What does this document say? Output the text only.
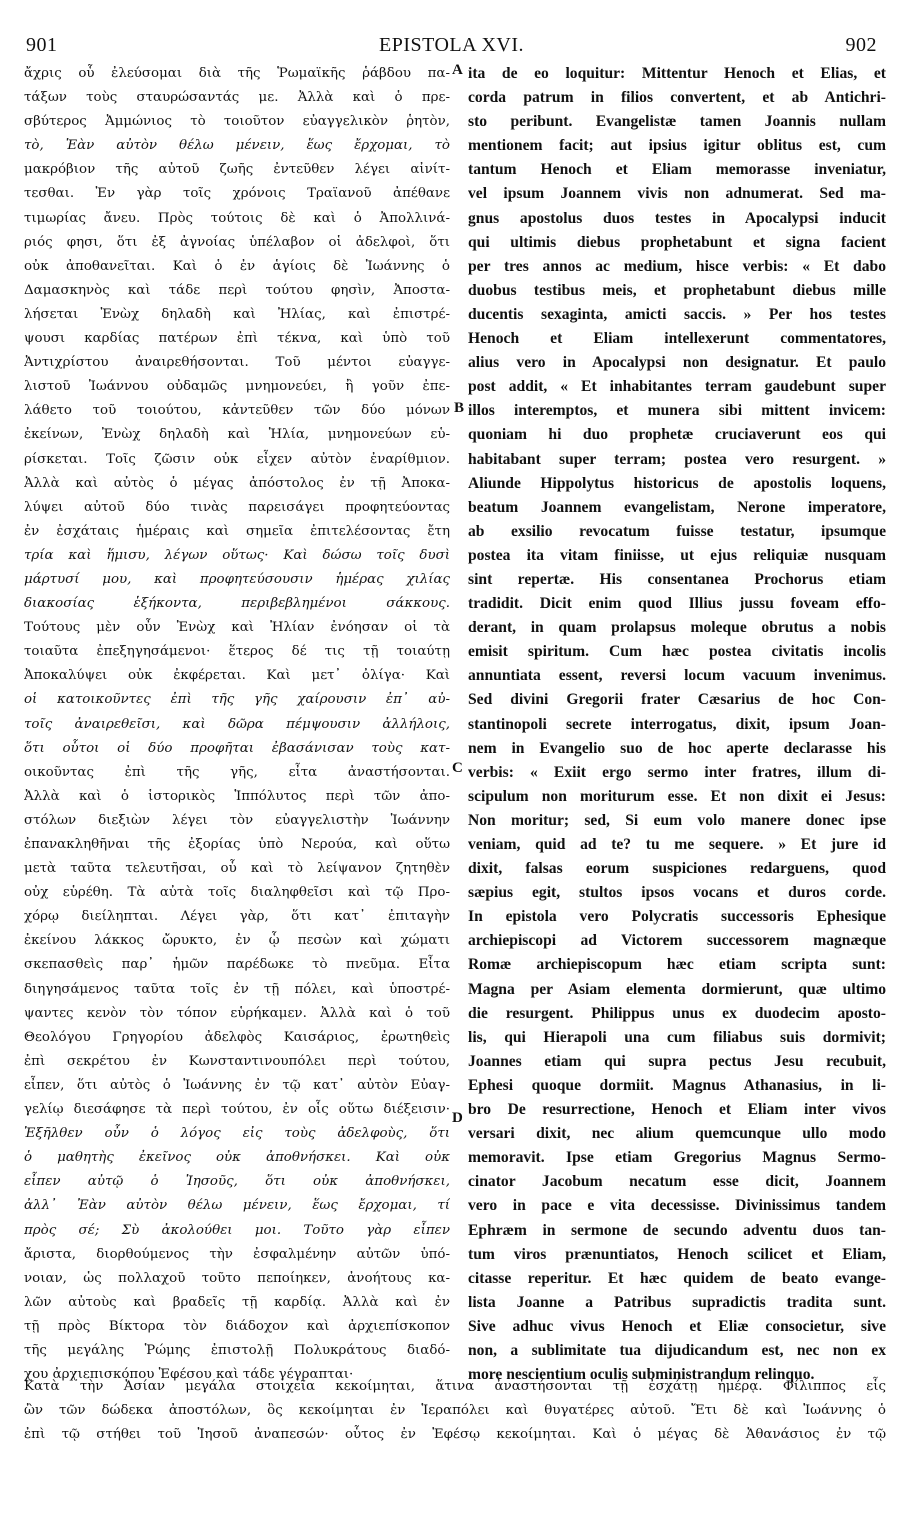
901	EPISTOLA XVI.	902
ἄχρις οὗ ἐλεύσομαι διὰ τῆς Ῥωμαϊκῆς ῥάβδου πα-
τάξων τοὺς σταυρώσαντάς με. Ἀλλὰ καὶ ὁ πρε-
σβύτερος Ἀμμώνιος τὸ τοιοῦτον εὐαγγελικὸν ῥητὸν,
τὸ, Ἐὰν αὐτὸν θέλω μένειν, ἕως ἔρχομαι, τὸ
μακρόβιον τῆς αὐτοῦ ζωῆς ἐντεῦθεν λέγει αἰνίτ-
τεσθαι. Ἐν γὰρ τοῖς χρόνοις Τραϊανοῦ ἀπέθανε
τιμωρίας ἄνευ. Πρὸς τούτοις δὲ καὶ ὁ Ἀπολλινά-
ριός φησι, ὅτι ἐξ ἀγνοίας ὑπέλαβον οἱ ἀδελφοὶ, ὅτι
οὐκ ἀποθανεῖται. Καὶ ὁ ἐν ἁγίοις δὲ Ἰωάννης ὁ
Δαμασκηνὸς καὶ τάδε περὶ τούτου φησὶν, Ἀποστα-
λήσεται Ἐνὼχ δηλαδὴ καὶ Ἠλίας, καὶ ἐπιστρέ-
ψουσι καρδίας πατέρων ἐπὶ τέκνα, καὶ ὑπὸ τοῦ
Ἀντιχρίστου ἀναιρεθήσονται. Τοῦ μέντοι εὐαγγε-
λιστοῦ Ἰωάννου οὐδαμῶς μνημονεύει, ἢ γοῦν ἐπε-
λάθετο τοῦ τοιούτου, κἀντεῦθεν τῶν δύο μόνων
ἐκείνων, Ἐνὼχ δηλαδὴ καὶ Ἠλία, μνημονεύων εὑ-
ρίσκεται. Τοῖς ζῶσιν οὐκ εἶχεν αὐτὸν ἐναρίθμιον.
Ἀλλὰ καὶ αὐτὸς ὁ μέγας ἀπόστολος ἐν τῇ Ἀποκα-
λύψει αὐτοῦ δύο τινὰς παρεισάγει προφητεύοντας
ἐν ἐσχάταις ἡμέραις καὶ σημεῖα ἐπιτελέσοντας ἔτη
τρία καὶ ἥμισυ, λέγων οὕτως· Καὶ δώσω τοῖς δυσὶ
μάρτυσί μου, καὶ προφητεύσουσιν ἡμέρας χιλίας
διακοσίας ἑξήκοντα, περιβεβλημένοι σάκκους.
Τούτους μὲν οὖν Ἐνὼχ καὶ Ἠλίαν ἐνόησαν οἱ τὰ
τοιαῦτα ἐπεξηγησάμενοι· ἕτερος δέ τις τῇ τοιαύτῃ
Ἀποκαλύψει οὐκ ἐκφέρεται. Καὶ μετ᾽ ὀλίγα· Καὶ
οἱ κατοικοῦντες ἐπὶ τῆς γῆς χαίρουσιν ἐπ᾽ αὐ-
τοῖς ἀναιρεθεῖσι, καὶ δῶρα πέμψουσιν ἀλλήλοις,
ὅτι οὗτοι οἱ δύο προφῆται ἐβασάνισαν τοὺς κατ-
οικοῦντας ἐπὶ τῆς γῆς, εἶτα ἀναστήσονται.
Ἀλλὰ καὶ ὁ ἱστορικὸς Ἱππόλυτος περὶ τῶν ἀπο-
στόλων διεξιὼν λέγει τὸν εὐαγγελιστὴν Ἰωάννην
ἐπανακληθῆναι τῆς ἐξορίας ὑπὸ Νερούα, καὶ οὕτω
μετὰ ταῦτα τελευτῆσαι, οὗ καὶ τὸ λείψανον ζητηθὲν
οὐχ εὑρέθη. Τὰ αὐτὰ τοῖς διαληφθεῖσι καὶ τῷ Προ-
χόρῳ διείληπται. Λέγει γὰρ, ὅτι κατ᾽ ἐπιταγὴν
ἐκείνου λάκκος ὤρυκτο, ἐν ᾧ πεσὼν καὶ χώματι
σκεπασθεὶς παρ᾽ ἡμῶν παρέδωκε τὸ πνεῦμα. Εἶτα
διηγησάμενος ταῦτα τοῖς ἐν τῇ πόλει, καὶ ὑποστρέ-
ψαντες κενὸν τὸν τόπον εὑρήκαμεν. Ἀλλὰ καὶ ὁ τοῦ
Θεολόγου Γρηγορίου ἀδελφὸς Καισάριος, ἐρωτηθεὶς
ἐπὶ σεκρέτου ἐν Κωνσταντινουπόλει περὶ τούτου,
εἶπεν, ὅτι αὐτὸς ὁ Ἰωάννης ἐν τῷ κατ᾽ αὐτὸν Εὐαγ-
γελίῳ διεσάφησε τὰ περὶ τούτου, ἐν οἷς οὕτω διέξεισιν·
Ἐξῆλθεν οὖν ὁ λόγος εἰς τοὺς ἀδελφοὺς, ὅτι
ὁ μαθητὴς ἐκεῖνος οὐκ ἀποθνήσκει. Καὶ οὐκ
εἶπεν αὐτῷ ὁ Ἰησοῦς, ὅτι οὐκ ἀποθνήσκει,
ἀλλ᾽ Ἐὰν αὐτὸν θέλω μένειν, ἕως ἔρχομαι, τί
πρὸς σέ; Σὺ ἀκολούθει μοι. Τοῦτο γὰρ εἶπεν
ἄριστα, διορθούμενος τὴν ἐσφαλμένην αὐτῶν ὑπό-
νοιαν, ὡς πολλαχοῦ τοῦτο πεποίηκεν, ἀνοήτους κα-
λῶν αὐτοὺς καὶ βραδεῖς τῇ καρδίᾳ. Ἀλλὰ καὶ ἐν
τῇ πρὸς Βίκτορα τὸν διάδοχον καὶ ἀρχιεπίσκοπον
τῆς μεγάλης Ῥώμης ἐπιστολῇ Πολυκράτους διαδό-
χου ἀρχιεπισκόπου Ἐφέσου καὶ τάδε γέγραπται·
ita de eo loquitur: Mittentur Henoch et Elias, et
corda patrum in filios convertent, et ab Antichri-
sto peribunt. Evangelistæ tamen Joannis nullam
mentionem facit; aut ipsius igitur oblitus est, cum
tantum Henoch et Eliam memorasse inveniatur,
vel ipsum Joannem vivis non adnumerat. Sed ma-
gnus apostolus duos testes in Apocalypsi inducit
qui ultimis diebus prophetabunt et signa facient
per tres annos ac medium, hisce verbis: « Et dabo
duobus testibus meis, et prophetabunt diebus mille
ducentis sexaginta, amicti saccis. » Per hos testes
Henoch et Eliam intellexerunt commentatores,
alius vero in Apocalypsi non designatur. Et paulo
post addit, « Et inhabitantes terram gaudebunt super
illos interemptos, et munera sibi mittent invicem:
quoniam hi duo prophetæ cruciaverunt eos qui
habitabant super terram; postea vero resurgent. »
Aliunde Hippolytus historicus de apostolis loquens,
beatum Joannem evangelistam, Nerone imperatore,
ab exsilio revocatum fuisse testatur, ipsumque
postea ita vitam finiisse, ut ejus reliquiæ nusquam
sint repertæ. His consentanea Prochorus etiam
tradidit. Dicit enim quod Illius jussu foveam effo-
derant, in quam prolapsus moleque obrutus a nobis
emisit spiritum. Cum hæc postea civitatis incolis
annuntiata essent, reversi locum vacuum invenimus.
Sed divini Gregorii frater Cæsarius de hoc Con-
stantinopoli secrete interrogatus, dixit, ipsum Joan-
nem in Evangelio suo de hoc aperte declarasse his
verbis: « Exiit ergo sermo inter fratres, illum di-
scipulum non moriturum esse. Et non dixit ei Jesus:
Non moritur; sed, Si eum volo manere donec ipse
veniam, quid ad te? tu me sequere. » Et jure id
dixit, falsas eorum suspiciones redarguens, quod
sæpius egit, stultos ipsos vocans et duros corde.
In epistola vero Polycratis successoris Ephesique
archiepiscopi ad Victorem successorem magnæque
Romæ archiepiscopum hæc etiam scripta sunt:
Magna per Asiam elementa dormierunt, quæ ultimo
die resurgent. Philippus unus ex duodecim aposto-
lis, qui Hierapoli una cum filiabus suis dormivit;
Joannes etiam qui supra pectus Jesu recubuit,
Ephesi quoque dormiit. Magnus Athanasius, in li-
bro De resurrectione, Henoch et Eliam inter vivos
versari dixit, nec alium quemcunque ullo modo
memoravit. Ipse etiam Gregorius Magnus Sermo-
cinator Jacobum necatum esse dicit, Joannem
vero in pace e vita decessisse. Divinissimus tandem
Ephræm in sermone de secundo adventu duos tan-
tum viros prænuntiatos, Henoch scilicet et Eliam,
citasse reperitur. Et hæc quidem de beato evange-
lista Joanne a Patribus supradictis tradita sunt.
Sive adhuc vivus Henoch et Eliæ consocietur, sive
non, a sublimitate tua dijudicandum est, nec non ex
more nescientium oculis subministrandum relinquo.
A
B
C
D
Κατὰ τὴν Ἀσίαν μεγάλα στοιχεῖα κεκοίμηται, ἅτινα ἀναστήσονται τῇ ἐσχάτῃ ἡμέρᾳ. Φίλιππος εἷς
ὢν τῶν δώδεκα ἀποστόλων, ὃς κεκοίμηται ἐν Ἱεραπόλει καὶ θυγατέρες αὐτοῦ. Ἔτι δὲ καὶ Ἰωάννης ὁ
ἐπὶ τῷ στήθει τοῦ Ἰησοῦ ἀναπεσών· οὗτος ἐν Ἐφέσῳ κεκοίμηται. Καὶ ὁ μέγας δὲ Ἀθανάσιος ἐν τῷ
